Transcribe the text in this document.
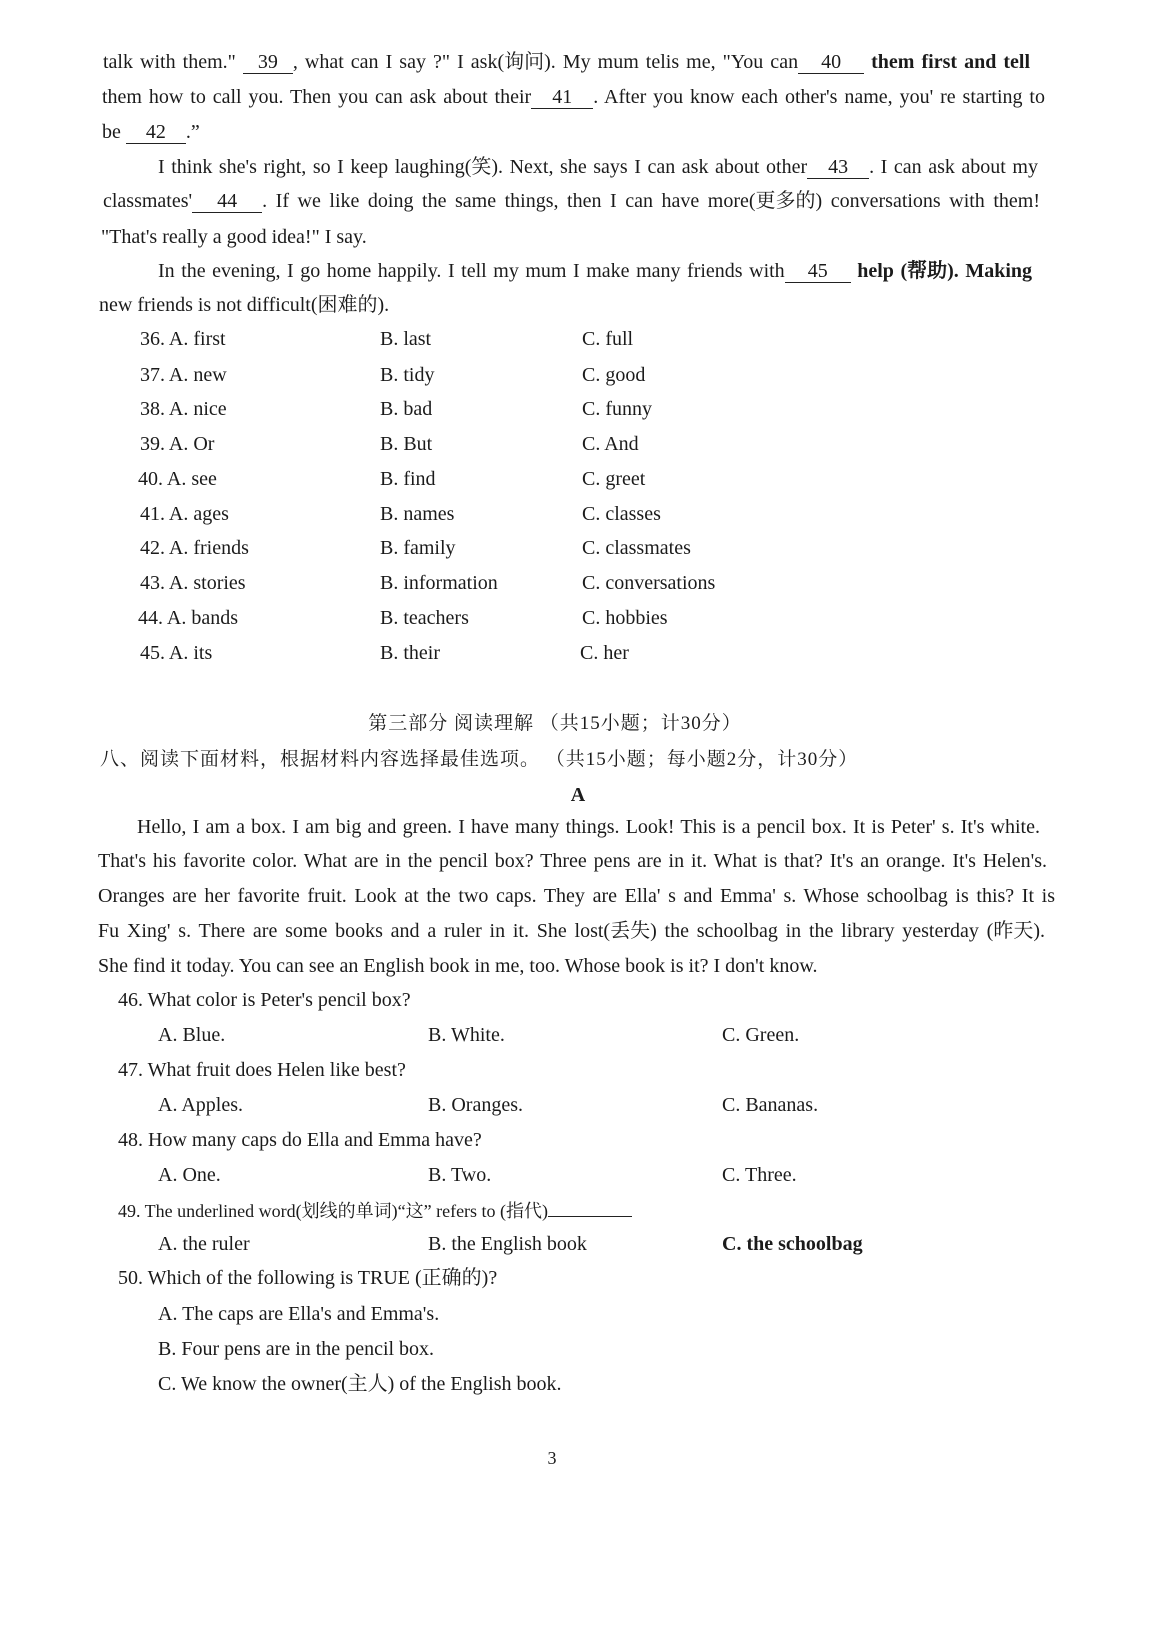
talk with them." 39 , what can I say ?" I ask(询问). My mum telis me, "You can 40 them first and tell
them how to call you. Then you can ask about their 41 . After you know each other's name, you' re starting to
be 42 .”
I think she's right, so I keep laughing(笑). Next, she says I can ask about other 43 . I can ask about my
classmates' 44 . If we like doing the same things, then I can have more(更多的) conversations with them!
"That's really a good idea!" I say.
In the evening, I go home happily. I tell my mum I make many friends with 45 help (帮助). Making
new friends is not difficult(困难的).
36. A. first	B. last	C. full
37. A. new	B. tidy	C. good
38. A. nice	B. bad	C. funny
39. A. Or	B. But	C. And
40. A. see	B. find	C. greet
41. A. ages	B. names	C. classes
42. A. friends	B. family	C. classmates
43. A. stories	B. information	C. conversations
44. A. bands	B. teachers	C. hobbies
45. A. its	B. their	C. her
第三部分 阅读理解 （共15小题；计30分）
八、阅读下面材料，根据材料内容选择最佳选项。 （共15小题；每小题2分，计30分）
A
Hello, I am a box. I am big and green. I have many things. Look! This is a pencil box. It is Peter' s. It's white.
That's his favorite color. What are in the pencil box? Three pens are in it. What is that? It's an orange. It's Helen's.
Oranges are her favorite fruit. Look at the two caps. They are Ella' s and Emma' s. Whose schoolbag is this? It is
Fu Xing' s. There are some books and a ruler in it. She lost(丢失) the schoolbag in the library yesterday (昨天).
She find it today. You can see an English book in me, too. Whose book is it? I don't know.
46. What color is Peter's pencil box?
A. Blue.	B. White.	C. Green.
47. What fruit does Helen like best?
A. Apples.	B. Oranges.	C. Bananas.
48. How many caps do Ella and Emma have?
A. One.	B. Two.	C. Three.
49. The underlined word(划线的单词)“这” refers to (指代)
A. the ruler	B. the English book	C. the schoolbag
50. Which of the following is TRUE (正确的)?
A. The caps are Ella's and Emma's.
B. Four pens are in the pencil box.
C. We know the owner(主人) of the English book.
3
